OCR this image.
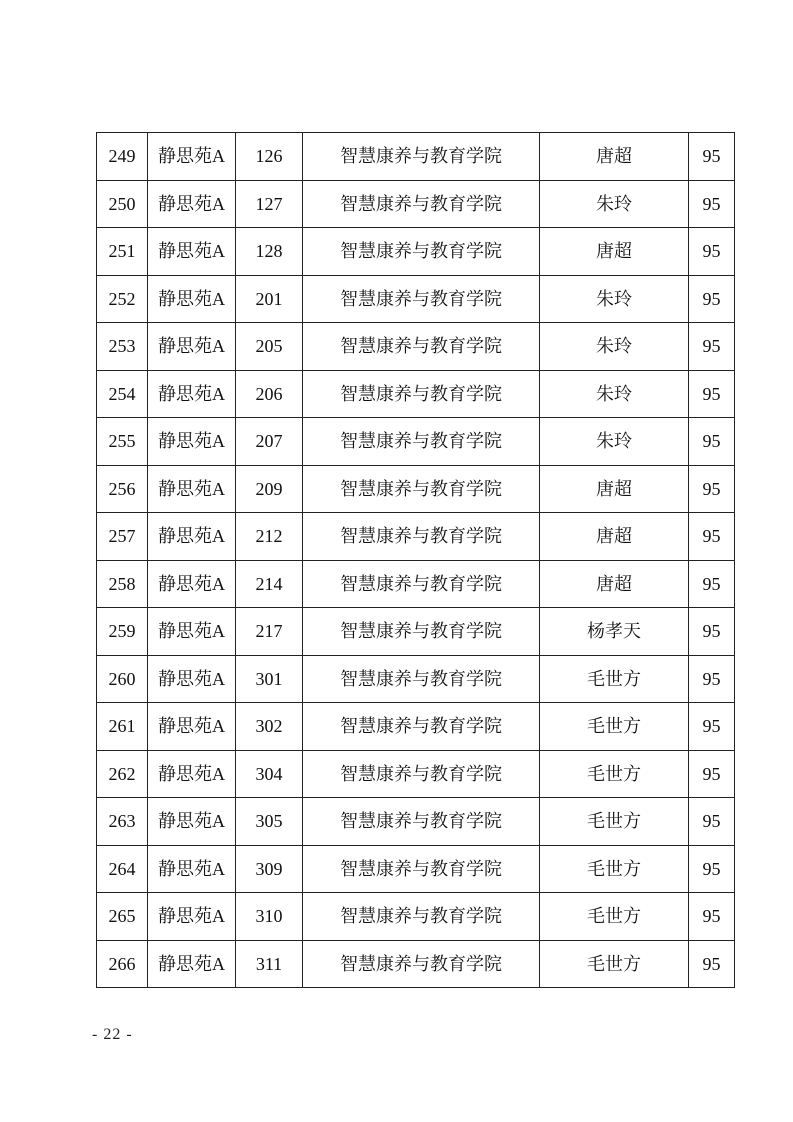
249	静思苑A	126	智慧康养与教育学院	唐超	95
250	静思苑A	127	智慧康养与教育学院	朱玲	95
251	静思苑A	128	智慧康养与教育学院	唐超	95
252	静思苑A	201	智慧康养与教育学院	朱玲	95
253	静思苑A	205	智慧康养与教育学院	朱玲	95
254	静思苑A	206	智慧康养与教育学院	朱玲	95
255	静思苑A	207	智慧康养与教育学院	朱玲	95
256	静思苑A	209	智慧康养与教育学院	唐超	95
257	静思苑A	212	智慧康养与教育学院	唐超	95
258	静思苑A	214	智慧康养与教育学院	唐超	95
259	静思苑A	217	智慧康养与教育学院	杨孝天	95
260	静思苑A	301	智慧康养与教育学院	毛世方	95
261	静思苑A	302	智慧康养与教育学院	毛世方	95
262	静思苑A	304	智慧康养与教育学院	毛世方	95
263	静思苑A	305	智慧康养与教育学院	毛世方	95
264	静思苑A	309	智慧康养与教育学院	毛世方	95
265	静思苑A	310	智慧康养与教育学院	毛世方	95
266	静思苑A	311	智慧康养与教育学院	毛世方	95
- 22 -
